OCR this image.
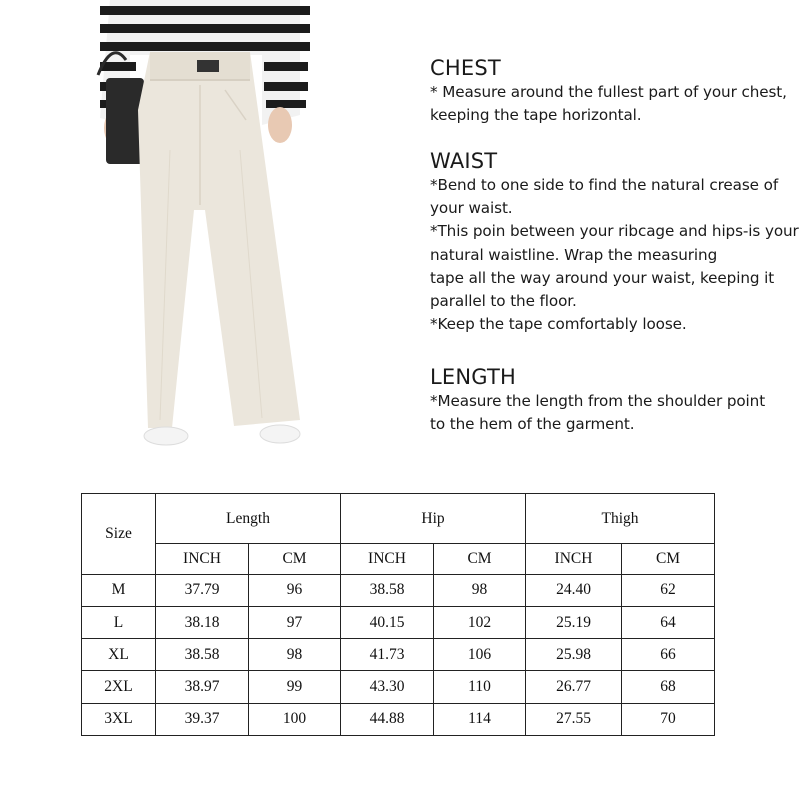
CHEST

* Measure around the fullest part of your chest,
keeping the tape horizontal.

WAIST

*Bend to one side to find the natural crease of
your waist.
*This poin between your ribcage and hips-is your
natural waistline. Wrap the measuring
tape all the way around your waist, keeping it
parallel to the floor.
*Keep the tape comfortably loose.

LENGTH

*Measure the length from the shoulder point
to the hem of the garment.

Size	Length		Hip		Thigh	
	INCH	CM	INCH	CM	INCH	CM
M	37.79	96	38.58	98	24.40	62
L	38.18	97	40.15	102	25.19	64
XL	38.58	98	41.73	106	25.98	66
2XL	38.97	99	43.30	110	26.77	68
3XL	39.37	100	44.88	114	27.55	70
